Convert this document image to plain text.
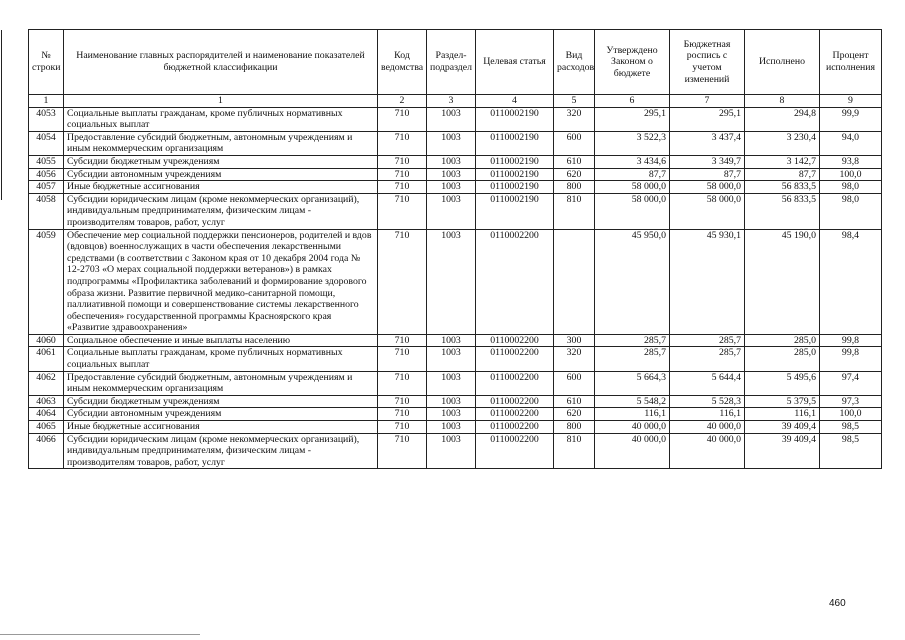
№ строки	Наименование главных распорядителей и наименование показателей бюджетной классификации	Код ведомства	Раздел-подраздел	Целевая статья	Вид расходов	Утверждено Законом о бюджете	Бюджетная роспись с учетом изменений	Исполнено	Процент исполнения
1	1	2	3	4	5	6	7	8	9
4053	Социальные выплаты гражданам, кроме публичных нормативных социальных выплат	710	1003	0110002190	320	295,1	295,1	294,8	99,9
4054	Предоставление субсидий бюджетным, автономным учреждениям и иным некоммерческим организациям	710	1003	0110002190	600	3 522,3	3 437,4	3 230,4	94,0
4055	Субсидии бюджетным учреждениям	710	1003	0110002190	610	3 434,6	3 349,7	3 142,7	93,8
4056	Субсидии автономным учреждениям	710	1003	0110002190	620	87,7	87,7	87,7	100,0
4057	Иные бюджетные ассигнования	710	1003	0110002190	800	58 000,0	58 000,0	56 833,5	98,0
4058	Субсидии юридическим лицам (кроме некоммерческих организаций), индивидуальным предпринимателям, физическим лицам - производителям товаров, работ, услуг	710	1003	0110002190	810	58 000,0	58 000,0	56 833,5	98,0
4059	Обеспечение мер социальной поддержки пенсионеров, родителей и вдов (вдовцов) военнослужащих в части обеспечения лекарственными средствами (в соответствии с Законом края от 10 декабря 2004 года № 12-2703 «О мерах социальной поддержки ветеранов») в рамках подпрограммы «Профилактика заболеваний и формирование здорового образа жизни. Развитие первичной медико-санитарной помощи, паллиативной помощи и совершенствование системы лекарственного обеспечения» государственной программы Красноярского края «Развитие здравоохранения»	710	1003	0110002200		45 950,0	45 930,1	45 190,0	98,4
4060	Социальное обеспечение и иные выплаты населению	710	1003	0110002200	300	285,7	285,7	285,0	99,8
4061	Социальные выплаты гражданам, кроме публичных нормативных социальных выплат	710	1003	0110002200	320	285,7	285,7	285,0	99,8
4062	Предоставление субсидий бюджетным, автономным учреждениям и иным некоммерческим организациям	710	1003	0110002200	600	5 664,3	5 644,4	5 495,6	97,4
4063	Субсидии бюджетным учреждениям	710	1003	0110002200	610	5 548,2	5 528,3	5 379,5	97,3
4064	Субсидии автономным учреждениям	710	1003	0110002200	620	116,1	116,1	116,1	100,0
4065	Иные бюджетные ассигнования	710	1003	0110002200	800	40 000,0	40 000,0	39 409,4	98,5
4066	Субсидии юридическим лицам (кроме некоммерческих организаций), индивидуальным предпринимателям, физическим лицам - производителям товаров, работ, услуг	710	1003	0110002200	810	40 000,0	40 000,0	39 409,4	98,5
460
